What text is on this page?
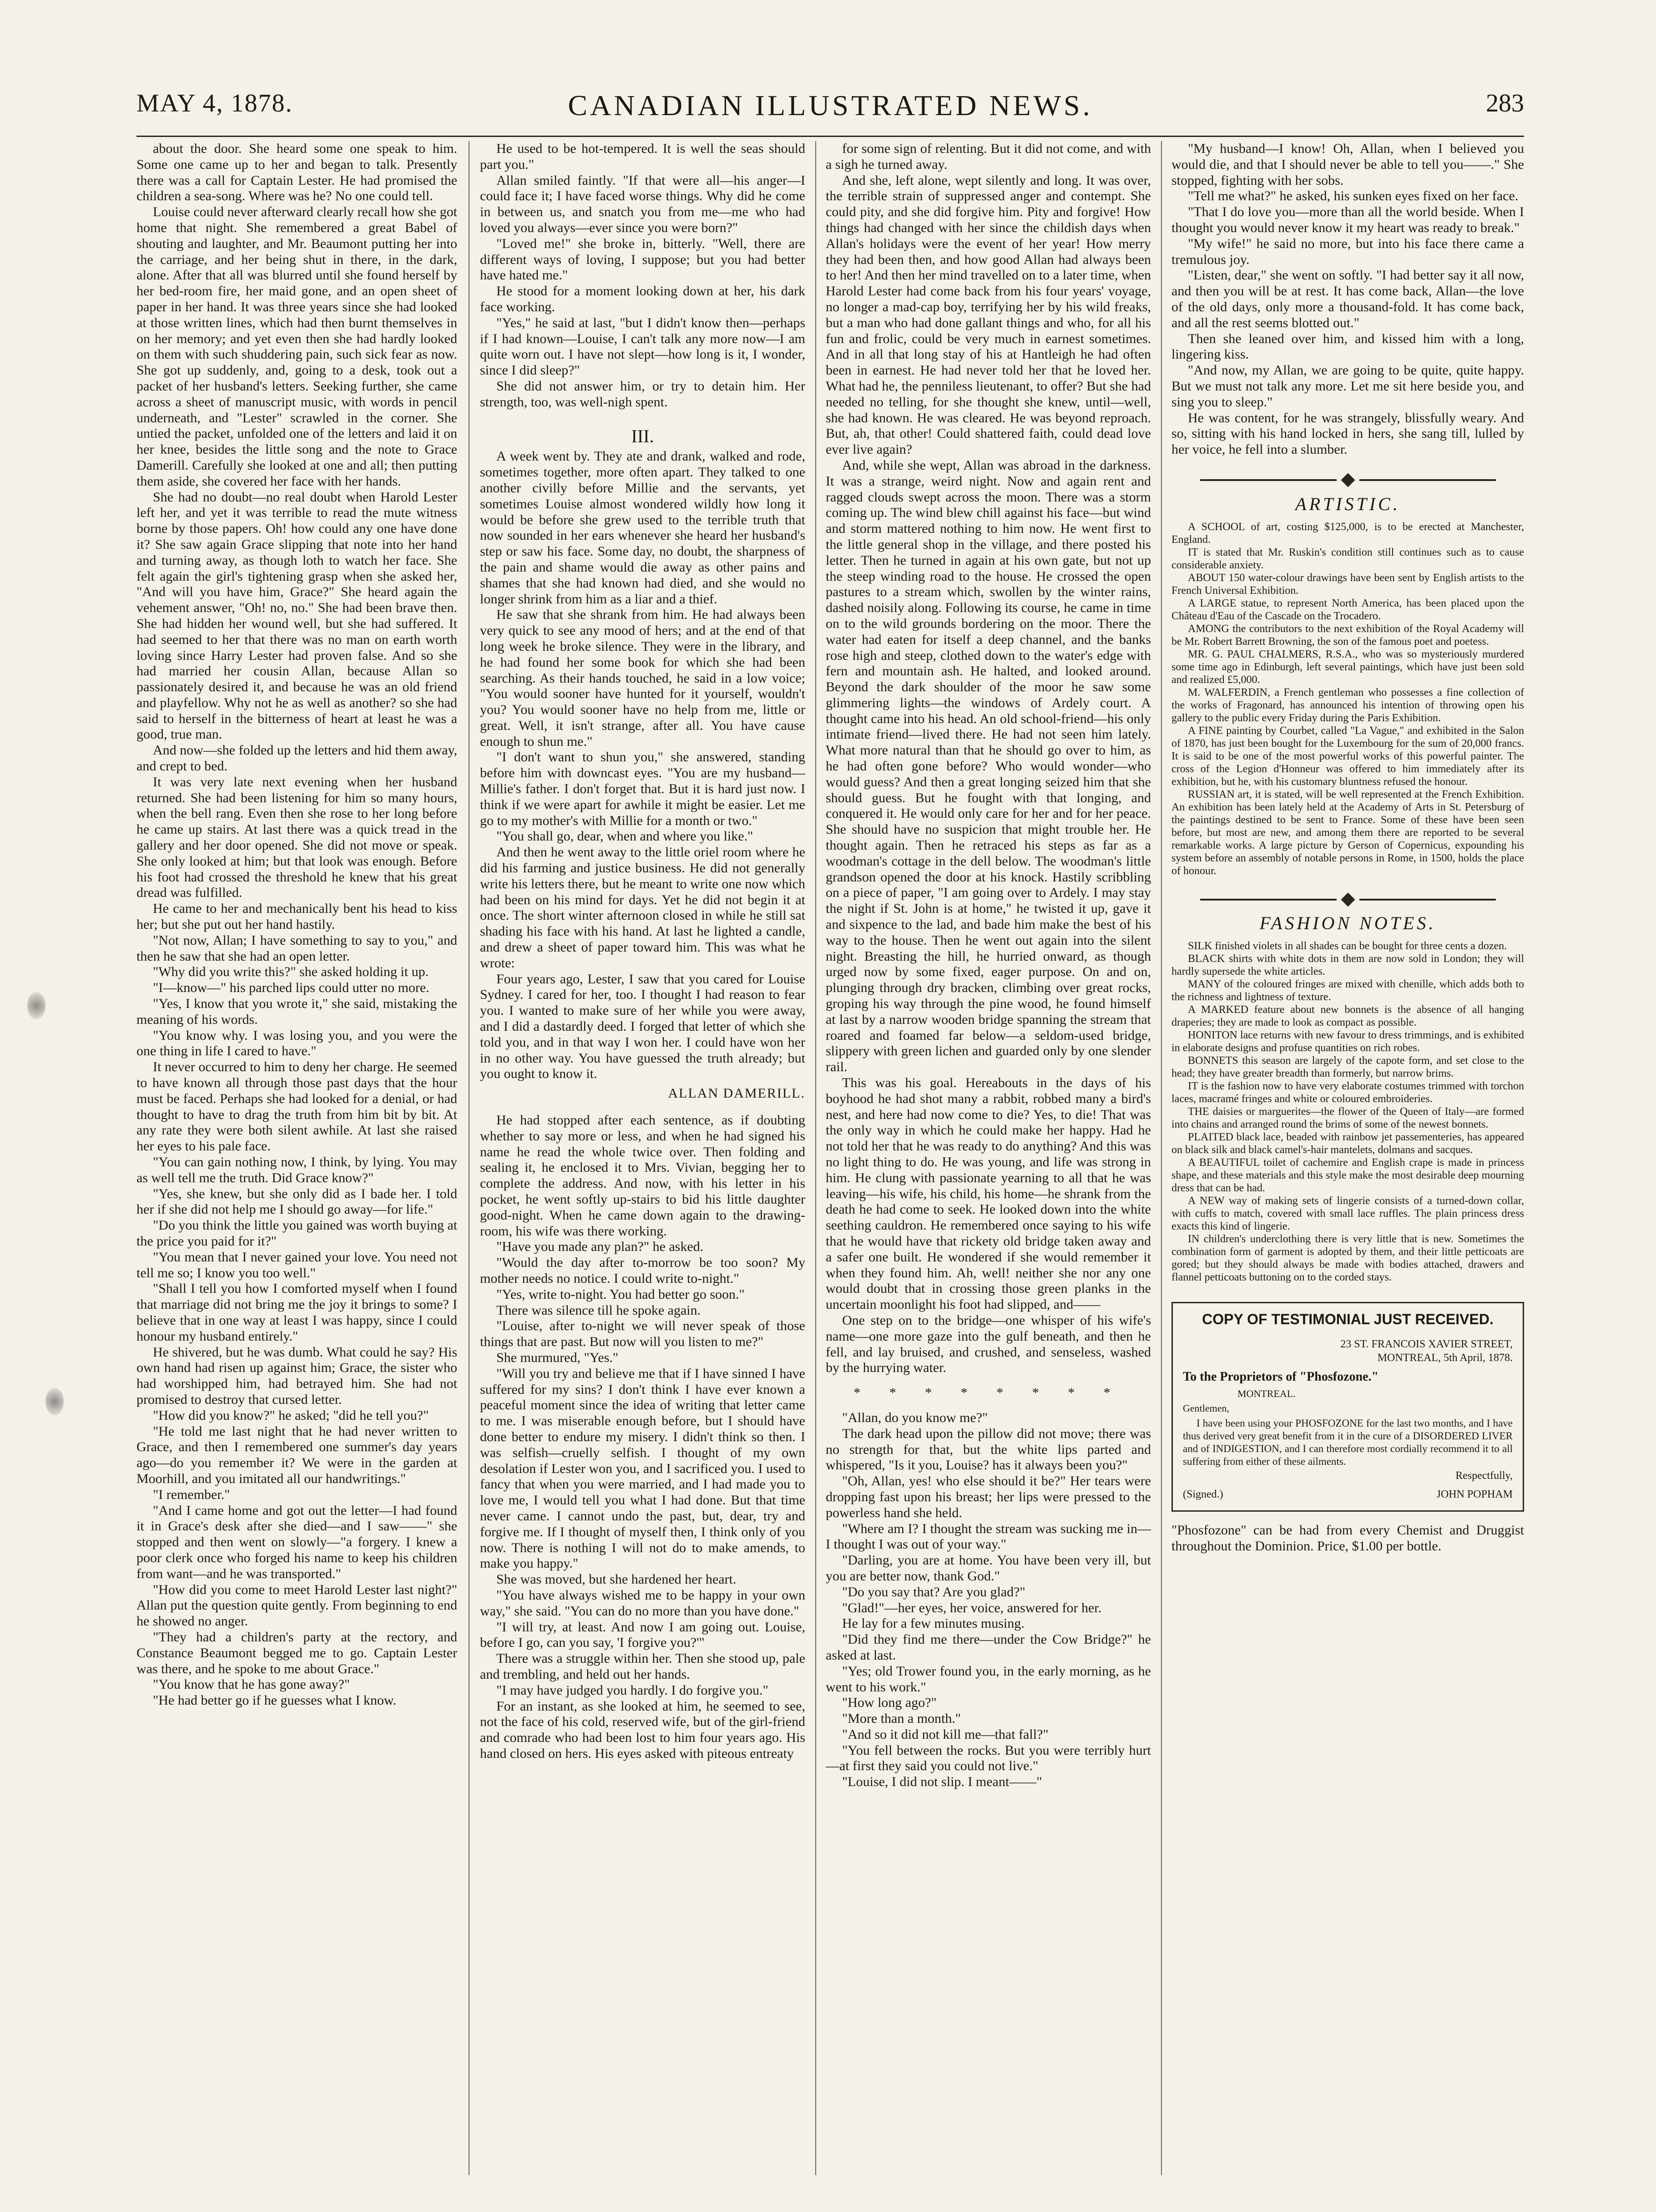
MAY 4, 1878.	CANADIAN ILLUSTRATED NEWS.	283

about the door. She heard some one speak to him. Some one came up to her and began to talk. Presently there was a call for Captain Lester. He had promised the children a sea-song. Where was he? No one could tell.

Louise could never afterward clearly recall how she got home that night. She remembered a great Babel of shouting and laughter, and Mr. Beaumont putting her into the carriage, and her being shut in there, in the dark, alone. After that all was blurred until she found herself by her bed-room fire, her maid gone, and an open sheet of paper in her hand. It was three years since she had looked at those written lines, which had then burnt themselves in on her memory; and yet even then she had hardly looked on them with such shuddering pain, such sick fear as now. She got up suddenly, and, going to a desk, took out a packet of her husband's letters. Seeking further, she came across a sheet of manuscript music, with words in pencil underneath, and "Lester" scrawled in the corner. She untied the packet, unfolded one of the letters and laid it on her knee, besides the little song and the note to Grace Damerill. Carefully she looked at one and all; then putting them aside, she covered her face with her hands.

She had no doubt—no real doubt when Harold Lester left her, and yet it was terrible to read the mute witness borne by those papers. Oh! how could any one have done it? She saw again Grace slipping that note into her hand and turning away, as though loth to watch her face. She felt again the girl's tightening grasp when she asked her, "And will you have him, Grace?" She heard again the vehement answer, "Oh! no, no." She had been brave then. She had hidden her wound well, but she had suffered. It had seemed to her that there was no man on earth worth loving since Harry Lester had proven false. And so she had married her cousin Allan, because Allan so passionately desired it, and because he was an old friend and playfellow. Why not he as well as another? so she had said to herself in the bitterness of heart at least he was a good, true man.

And now—she folded up the letters and hid them away, and crept to bed.

It was very late next evening when her husband returned. She had been listening for him so many hours, when the bell rang. Even then she rose to her long before he came up stairs. At last there was a quick tread in the gallery and her door opened. She did not move or speak. She only looked at him; but that look was enough. Before his foot had crossed the threshold he knew that his great dread was fulfilled.

He came to her and mechanically bent his head to kiss her; but she put out her hand hastily.

"Not now, Allan; I have something to say to you," and then he saw that she had an open letter.

"Why did you write this?" she asked holding it up.

"I—know—" his parched lips could utter no more.

"Yes, I know that you wrote it," she said, mistaking the meaning of his words.

"You know why. I was losing you, and you were the one thing in life I cared to have."

It never occurred to him to deny her charge. He seemed to have known all through those past days that the hour must be faced. Perhaps she had looked for a denial, or had thought to have to drag the truth from him bit by bit. At any rate they were both silent awhile. At last she raised her eyes to his pale face.

"You can gain nothing now, I think, by lying. You may as well tell me the truth. Did Grace know?"

"Yes, she knew, but she only did as I bade her. I told her if she did not help me I should go away—for life."

"Do you think the little you gained was worth buying at the price you paid for it?"

"You mean that I never gained your love. You need not tell me so; I know you too well."

"Shall I tell you how I comforted myself when I found that marriage did not bring me the joy it brings to some? I believe that in one way at least I was happy, since I could honour my husband entirely."

He shivered, but he was dumb. What could he say? His own hand had risen up against him; Grace, the sister who had worshipped him, had betrayed him. She had not promised to destroy that cursed letter.

"How did you know?" he asked; "did he tell you?"

"He told me last night that he had never written to Grace, and then I remembered one summer's day years ago—do you remember it? We were in the garden at Moorhill, and you imitated all our handwritings."

"I remember."

"And I came home and got out the letter—I had found it in Grace's desk after she died—and I saw——" she stopped and then went on slowly—"a forgery. I knew a poor clerk once who forged his name to keep his children from want—and he was transported."

"How did you come to meet Harold Lester last night?" Allan put the question quite gently. From beginning to end he showed no anger.

"They had a children's party at the rectory, and Constance Beaumont begged me to go. Captain Lester was there, and he spoke to me about Grace."

"You know that he has gone away?"

"He had better go if he guesses what I know.

He used to be hot-tempered. It is well the seas should part you."

Allan smiled faintly. "If that were all—his anger—I could face it; I have faced worse things. Why did he come in between us, and snatch you from me—me who had loved you always—ever since you were born?"

"Loved me!" she broke in, bitterly. "Well, there are different ways of loving, I suppose; but you had better have hated me."

He stood for a moment looking down at her, his dark face working.

"Yes," he said at last, "but I didn't know then—perhaps if I had known—Louise, I can't talk any more now—I am quite worn out. I have not slept—how long is it, I wonder, since I did sleep?"

She did not answer him, or try to detain him. Her strength, too, was well-nigh spent.

III.

A week went by. They ate and drank, walked and rode, sometimes together, more often apart. They talked to one another civilly before Millie and the servants, yet sometimes Louise almost wondered wildly how long it would be before she grew used to the terrible truth that now sounded in her ears whenever she heard her husband's step or saw his face. Some day, no doubt, the sharpness of the pain and shame would die away as other pains and shames that she had known had died, and she would no longer shrink from him as a liar and a thief.

He saw that she shrank from him. He had always been very quick to see any mood of hers; and at the end of that long week he broke silence. They were in the library, and he had found her some book for which she had been searching. As their hands touched, he said in a low voice; "You would sooner have hunted for it yourself, wouldn't you? You would sooner have no help from me, little or great. Well, it isn't strange, after all. You have cause enough to shun me."

"I don't want to shun you," she answered, standing before him with downcast eyes. "You are my husband—Millie's father. I don't forget that. But it is hard just now. I think if we were apart for awhile it might be easier. Let me go to my mother's with Millie for a month or two."

"You shall go, dear, when and where you like."

And then he went away to the little oriel room where he did his farming and justice business. He did not generally write his letters there, but he meant to write one now which had been on his mind for days. Yet he did not begin it at once. The short winter afternoon closed in while he still sat shading his face with his hand. At last he lighted a candle, and drew a sheet of paper toward him. This was what he wrote:

Four years ago, Lester, I saw that you cared for Louise Sydney. I cared for her, too. I thought I had reason to fear you. I wanted to make sure of her while you were away, and I did a dastardly deed. I forged that letter of which she told you, and in that way I won her. I could have won her in no other way. You have guessed the truth already; but you ought to know it.

ALLAN DAMERILL.

He had stopped after each sentence, as if doubting whether to say more or less, and when he had signed his name he read the whole twice over. Then folding and sealing it, he enclosed it to Mrs. Vivian, begging her to complete the address. And now, with his letter in his pocket, he went softly up-stairs to bid his little daughter good-night. When he came down again to the drawing-room, his wife was there working.

"Have you made any plan?" he asked.

"Would the day after to-morrow be too soon? My mother needs no notice. I could write to-night."

"Yes, write to-night. You had better go soon."

There was silence till he spoke again.

"Louise, after to-night we will never speak of those things that are past. But now will you listen to me?"

She murmured, "Yes."

"Will you try and believe me that if I have sinned I have suffered for my sins? I don't think I have ever known a peaceful moment since the idea of writing that letter came to me. I was miserable enough before, but I should have done better to endure my misery. I didn't think so then. I was selfish—cruelly selfish. I thought of my own desolation if Lester won you, and I sacrificed you. I used to fancy that when you were married, and I had made you to love me, I would tell you what I had done. But that time never came. I cannot undo the past, but, dear, try and forgive me. If I thought of myself then, I think only of you now. There is nothing I will not do to make amends, to make you happy."

She was moved, but she hardened her heart.

"You have always wished me to be happy in your own way," she said. "You can do no more than you have done."

"I will try, at least. And now I am going out. Louise, before I go, can you say, 'I forgive you?'"

There was a struggle within her. Then she stood up, pale and trembling, and held out her hands.

"I may have judged you hardly. I do forgive you."

For an instant, as she looked at him, he seemed to see, not the face of his cold, reserved wife, but of the girl-friend and comrade who had been lost to him four years ago. His hand closed on hers. His eyes asked with piteous entreaty

for some sign of relenting. But it did not come, and with a sigh he turned away.

And she, left alone, wept silently and long. It was over, the terrible strain of suppressed anger and contempt. She could pity, and she did forgive him. Pity and forgive! How things had changed with her since the childish days when Allan's holidays were the event of her year! How merry they had been then, and how good Allan had always been to her! And then her mind travelled on to a later time, when Harold Lester had come back from his four years' voyage, no longer a mad-cap boy, terrifying her by his wild freaks, but a man who had done gallant things and who, for all his fun and frolic, could be very much in earnest sometimes. And in all that long stay of his at Hantleigh he had often been in earnest. He had never told her that he loved her. What had he, the penniless lieutenant, to offer? But she had needed no telling, for she thought she knew, until—well, she had known. He was cleared. He was beyond reproach. But, ah, that other! Could shattered faith, could dead love ever live again?

And, while she wept, Allan was abroad in the darkness. It was a strange, weird night. Now and again rent and ragged clouds swept across the moon. There was a storm coming up. The wind blew chill against his face—but wind and storm mattered nothing to him now. He went first to the little general shop in the village, and there posted his letter. Then he turned in again at his own gate, but not up the steep winding road to the house. He crossed the open pastures to a stream which, swollen by the winter rains, dashed noisily along. Following its course, he came in time on to the wild grounds bordering on the moor. There the water had eaten for itself a deep channel, and the banks rose high and steep, clothed down to the water's edge with fern and mountain ash. He halted, and looked around. Beyond the dark shoulder of the moor he saw some glimmering lights—the windows of Ardely court. A thought came into his head. An old school-friend—his only intimate friend—lived there. He had not seen him lately. What more natural than that he should go over to him, as he had often gone before? Who would wonder—who would guess? And then a great longing seized him that she should guess. But he fought with that longing, and conquered it. He would only care for her and for her peace. She should have no suspicion that might trouble her. He thought again. Then he retraced his steps as far as a woodman's cottage in the dell below. The woodman's little grandson opened the door at his knock. Hastily scribbling on a piece of paper, "I am going over to Ardely. I may stay the night if St. John is at home," he twisted it up, gave it and sixpence to the lad, and bade him make the best of his way to the house. Then he went out again into the silent night. Breasting the hill, he hurried onward, as though urged now by some fixed, eager purpose. On and on, plunging through dry bracken, climbing over great rocks, groping his way through the pine wood, he found himself at last by a narrow wooden bridge spanning the stream that roared and foamed far below—a seldom-used bridge, slippery with green lichen and guarded only by one slender rail.

This was his goal. Hereabouts in the days of his boyhood he had shot many a rabbit, robbed many a bird's nest, and here had now come to die? Yes, to die! That was the only way in which he could make her happy. Had he not told her that he was ready to do anything? And this was no light thing to do. He was young, and life was strong in him. He clung with passionate yearning to all that he was leaving—his wife, his child, his home—he shrank from the death he had come to seek. He looked down into the white seething cauldron. He remembered once saying to his wife that he would have that rickety old bridge taken away and a safer one built. He wondered if she would remember it when they found him. Ah, well! neither she nor any one would doubt that in crossing those green planks in the uncertain moonlight his foot had slipped, and——

One step on to the bridge—one whisper of his wife's name—one more gaze into the gulf beneath, and then he fell, and lay bruised, and crushed, and senseless, washed by the hurrying water.

* * * * * * * *

"Allan, do you know me?"

The dark head upon the pillow did not move; there was no strength for that, but the white lips parted and whispered, "Is it you, Louise? has it always been you?"

"Oh, Allan, yes! who else should it be?" Her tears were dropping fast upon his breast; her lips were pressed to the powerless hand she held.

"Where am I? I thought the stream was sucking me in—I thought I was out of your way."

"Darling, you are at home. You have been very ill, but you are better now, thank God."

"Do you say that? Are you glad?"

"Glad!"—her eyes, her voice, answered for her.

He lay for a few minutes musing.

"Did they find me there—under the Cow Bridge?" he asked at last.

"Yes; old Trower found you, in the early morning, as he went to his work."

"How long ago?"

"More than a month."

"And so it did not kill me—that fall?"

"You fell between the rocks. But you were terribly hurt—at first they said you could not live."

"Louise, I did not slip. I meant——"

"My husband—I know! Oh, Allan, when I believed you would die, and that I should never be able to tell you——." She stopped, fighting with her sobs.

"Tell me what?" he asked, his sunken eyes fixed on her face.

"That I do love you—more than all the world beside. When I thought you would never know it my heart was ready to break."

"My wife!" he said no more, but into his face there came a tremulous joy.

"Listen, dear," she went on softly. "I had better say it all now, and then you will be at rest. It has come back, Allan—the love of the old days, only more a thousand-fold. It has come back, and all the rest seems blotted out."

Then she leaned over him, and kissed him with a long, lingering kiss.

"And now, my Allan, we are going to be quite, quite happy. But we must not talk any more. Let me sit here beside you, and sing you to sleep."

He was content, for he was strangely, blissfully weary. And so, sitting with his hand locked in hers, she sang till, lulled by her voice, he fell into a slumber.

ARTISTIC.

A SCHOOL of art, costing $125,000, is to be erected at Manchester, England.

IT is stated that Mr. Ruskin's condition still continues such as to cause considerable anxiety.

ABOUT 150 water-colour drawings have been sent by English artists to the French Universal Exhibition.

A LARGE statue, to represent North America, has been placed upon the Château d'Eau of the Cascade on the Trocadero.

AMONG the contributors to the next exhibition of the Royal Academy will be Mr. Robert Barrett Browning, the son of the famous poet and poetess.

MR. G. PAUL CHALMERS, R.S.A., who was so mysteriously murdered some time ago in Edinburgh, left several paintings, which have just been sold and realized £5,000.

M. WALFERDIN, a French gentleman who possesses a fine collection of the works of Fragonard, has announced his intention of throwing open his gallery to the public every Friday during the Paris Exhibition.

A FINE painting by Courbet, called "La Vague," and exhibited in the Salon of 1870, has just been bought for the Luxembourg for the sum of 20,000 francs. It is said to be one of the most powerful works of this powerful painter. The cross of the Legion d'Honneur was offered to him immediately after its exhibition, but he, with his customary bluntness refused the honour.

RUSSIAN art, it is stated, will be well represented at the French Exhibition. An exhibition has been lately held at the Academy of Arts in St. Petersburg of the paintings destined to be sent to France. Some of these have been seen before, but most are new, and among them there are reported to be several remarkable works. A large picture by Gerson of Copernicus, expounding his system before an assembly of notable persons in Rome, in 1500, holds the place of honour.

FASHION NOTES.

SILK finished violets in all shades can be bought for three cents a dozen.

BLACK shirts with white dots in them are now sold in London; they will hardly supersede the white articles.

MANY of the coloured fringes are mixed with chenille, which adds both to the richness and lightness of texture.

A MARKED feature about new bonnets is the absence of all hanging draperies; they are made to look as compact as possible.

HONITON lace returns with new favour to dress trimmings, and is exhibited in elaborate designs and profuse quantities on rich robes.

BONNETS this season are largely of the capote form, and set close to the head; they have greater breadth than formerly, but narrow brims.

IT is the fashion now to have very elaborate costumes trimmed with torchon laces, macramé fringes and white or coloured embroideries.

THE daisies or marguerites—the flower of the Queen of Italy—are formed into chains and arranged round the brims of some of the newest bonnets.

PLAITED black lace, beaded with rainbow jet passementeries, has appeared on black silk and black camel's-hair mantelets, dolmans and sacques.

A BEAUTIFUL toilet of cachemire and English crape is made in princess shape, and these materials and this style make the most desirable deep mourning dress that can be had.

A NEW way of making sets of lingerie consists of a turned-down collar, with cuffs to match, covered with small lace ruffles. The plain princess dress exacts this kind of lingerie.

IN children's underclothing there is very little that is new. Sometimes the combination form of garment is adopted by them, and their little petticoats are gored; but they should always be made with bodies attached, drawers and flannel petticoats buttoning on to the corded stays.

COPY OF TESTIMONIAL JUST RECEIVED.
23 ST. FRANCOIS XAVIER STREET,
MONTREAL, 5th April, 1878.
To the Proprietors of "Phosfozone."
MONTREAL.
Gentlemen,
I have been using your PHOSFOZONE for the last two months, and I have thus derived very great benefit from it in the cure of a DISORDERED LIVER and of INDIGESTION, and I can therefore most cordially recommend it to all suffering from either of these ailments.
Respectfully,
(Signed.)	JOHN POPHAM
"Phosfozone" can be had from every Chemist and Druggist throughout the Dominion. Price, $1.00 per bottle.
